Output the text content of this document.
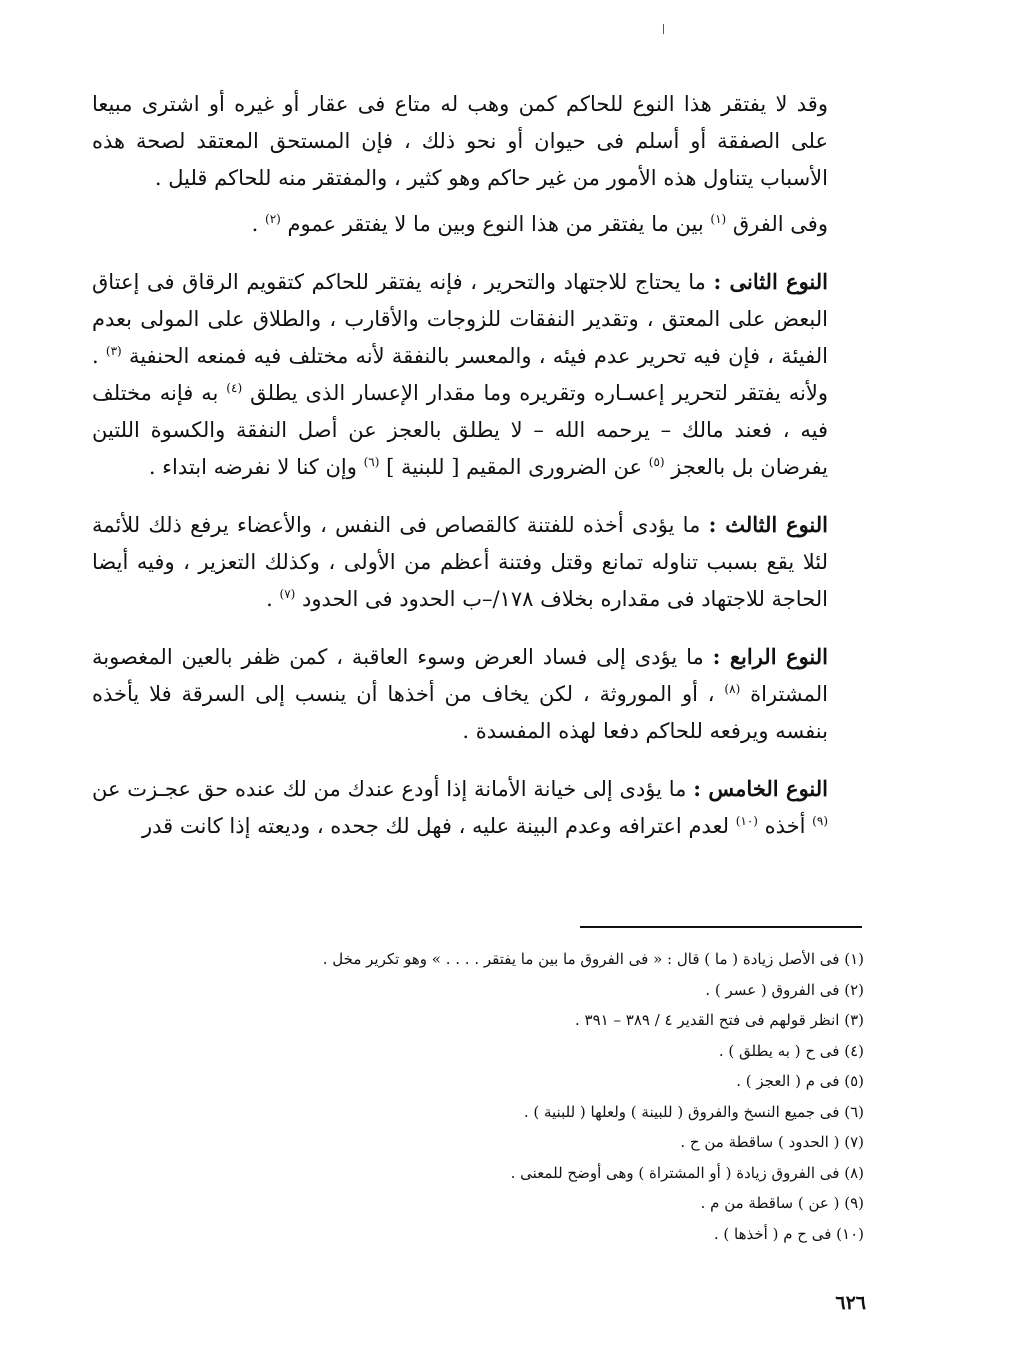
وقد لا يفتقر هذا النوع للحاكم كمن وهب له متاع فى عقار أو غيره أو اشترى مبيعا على الصفقة أو أسلم فى حيوان أو نحو ذلك ، فإن المستحق المعتقد لصحة هذه الأسباب يتناول هذه الأمور من غير حاكم وهو كثير ، والمفتقر منه للحاكم قليل .

وفى الفرق $^{(١)}$ بين ما يفتقر من هذا النوع وبين ما لا يفتقر عموم $^{(٢)}$ .

النوع الثانى : ما يحتاج للاجتهاد والتحرير ، فإنه يفتقر للحاكم كتقويم الرقاق فى إعتاق البعض على المعتق ، وتقدير النفقات للزوجات والأقارب ، والطلاق على المولى بعدم الفيئة ، فإن فيه تحرير عدم فيئه ، والمعسر بالنفقة لأنه مختلف فيه فمنعه الحنفية $^{(٣)}$ . ولأنه يفتقر لتحرير إعسـاره وتقريره وما مقدار الإعسار الذى يطلق $^{(٤)}$ به فإنه مختلف فيه ، فعند مالك – يرحمه الله – لا يطلق بالعجز عن أصل النفقة والكسوة اللتين يفرضان بل بالعجز $^{(٥)}$ عن الضرورى المقيم [ للبنية ] $^{(٦)}$ وإن كنا لا نفرضه ابتداء .

النوع الثالث : ما يؤدى أخذه للفتنة كالقصاص فى النفس ، والأعضاء يرفع ذلك للأئمة لئلا يقع بسبب تناوله تمانع وقتل وفتنة أعظم من الأولى ، وكذلك التعزير ، وفيه أيضا الحاجة للاجتهاد فى مقداره بخلاف ١٧٨/–ب الحدود فى الحدود $^{(٧)}$ .

النوع الرابع : ما يؤدى إلى فساد العرض وسوء العاقبة ، كمن ظفر بالعين المغصوبة المشتراة $^{(٨)}$ ، أو الموروثة ، لكن يخاف من أخذها أن ينسب إلى السرقة فلا يأخذه بنفسه ويرفعه للحاكم دفعا لهذه المفسدة .

النوع الخامس : ما يؤدى إلى خيانة الأمانة إذا أودع عندك من لك عنده حق عجـزت عن $^{(٩)}$ أخذه $^{(١٠)}$ لعدم اعترافه وعدم البينة عليه ، فهل لك جحده ، وديعته إذا كانت قدر

(١) فى الأصل زيادة ( ما ) قال : « فى الفروق ما بين ما يفتقر . . . . » وهو تكرير مخل .

(٢) فى الفروق ( عسر ) .

(٣) انظر قولهم فى فتح القدير ٤ / ٣٨٩ – ٣٩١ .

(٤) فى ح ( به يطلق ) .

(٥) فى م ( العجز ) .

(٦) فى جميع النسخ والفروق ( للبينة ) ولعلها ( للبنية ) .

(٧) ( الحدود ) ساقطة من ح .

(٨) فى الفروق زيادة ( أو المشتراة ) وهى أوضح للمعنى .

(٩) ( عن ) ساقطة من م .

(١٠) فى ح م ( أخذها ) .

٦٢٦
